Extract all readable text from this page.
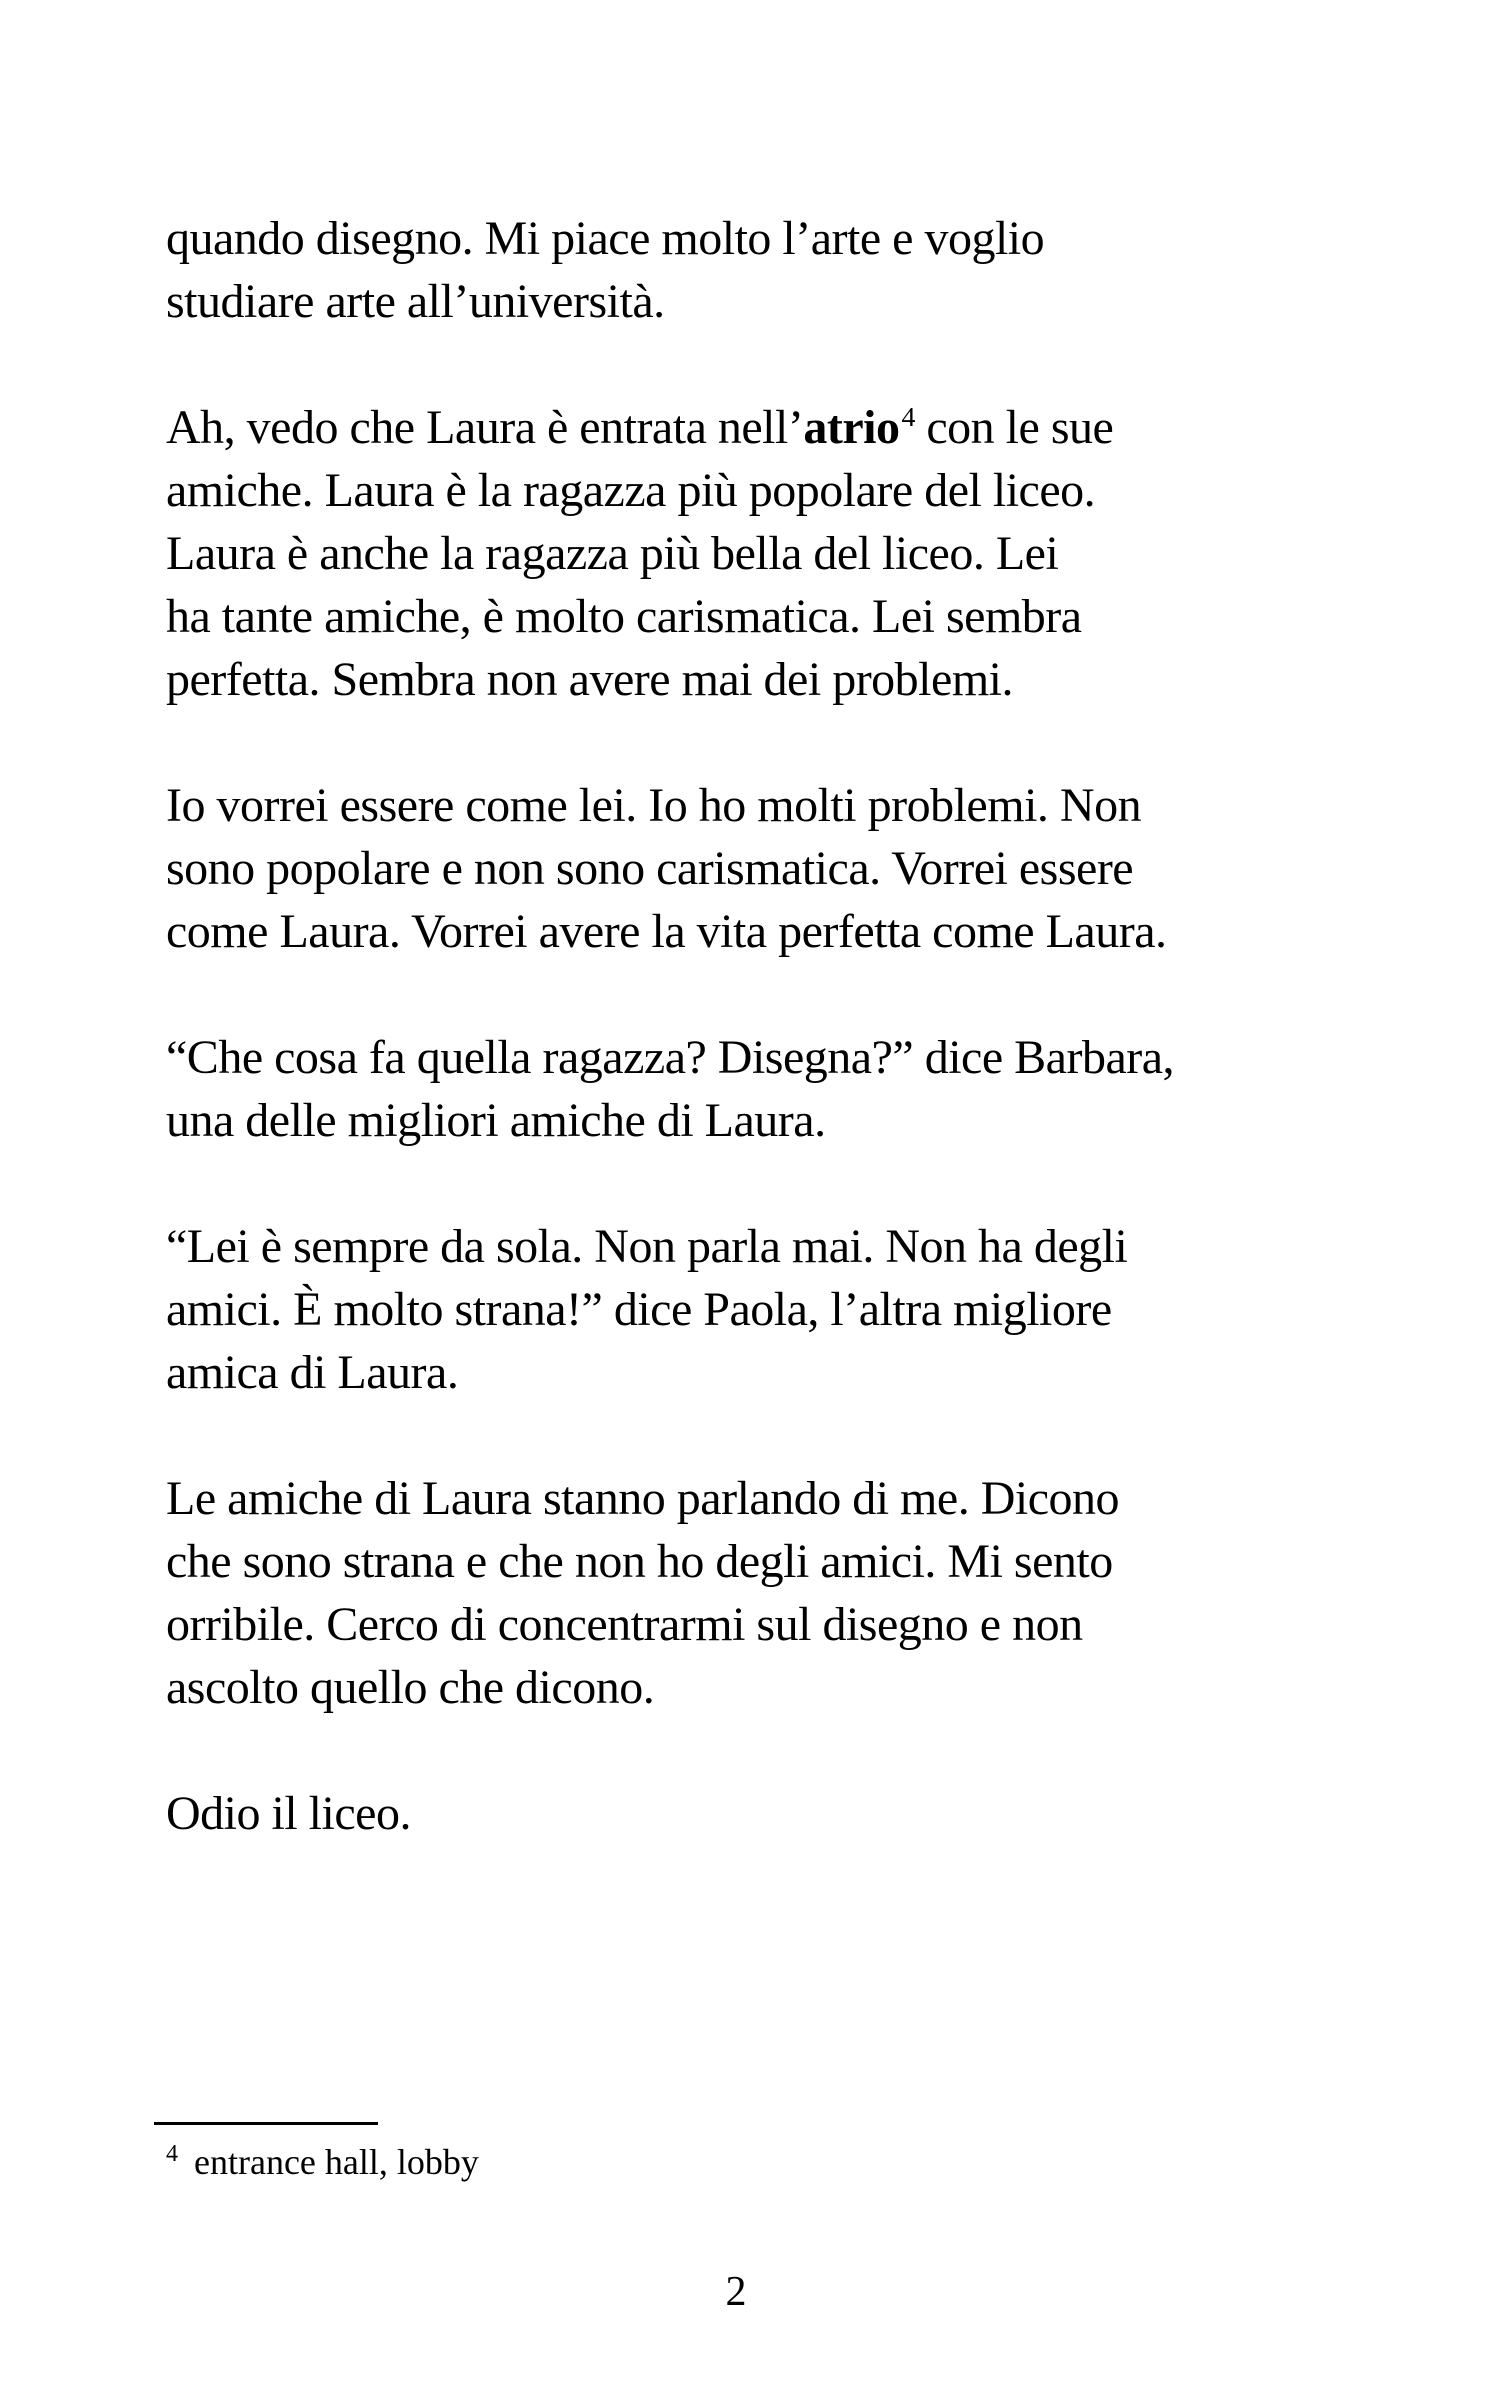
quando disegno. Mi piace molto l’arte e voglio
studiare arte all’università.

Ah, vedo che Laura è entrata nell’atrio$^4$ con le sue
amiche. Laura è la ragazza più popolare del liceo.
Laura è anche la ragazza più bella del liceo. Lei
ha tante amiche, è molto carismatica. Lei sembra
perfetta. Sembra non avere mai dei problemi.

Io vorrei essere come lei. Io ho molti problemi. Non
sono popolare e non sono carismatica. Vorrei essere
come Laura. Vorrei avere la vita perfetta come Laura.

“Che cosa fa quella ragazza? Disegna?” dice Barbara,
una delle migliori amiche di Laura.

“Lei è sempre da sola. Non parla mai. Non ha degli
amici. È molto strana!” dice Paola, l’altra migliore
amica di Laura.

Le amiche di Laura stanno parlando di me. Dicono
che sono strana e che non ho degli amici. Mi sento
orribile. Cerco di concentrarmi sul disegno e non
ascolto quello che dicono.

Odio il liceo.

$^4$ entrance hall, lobby
2
